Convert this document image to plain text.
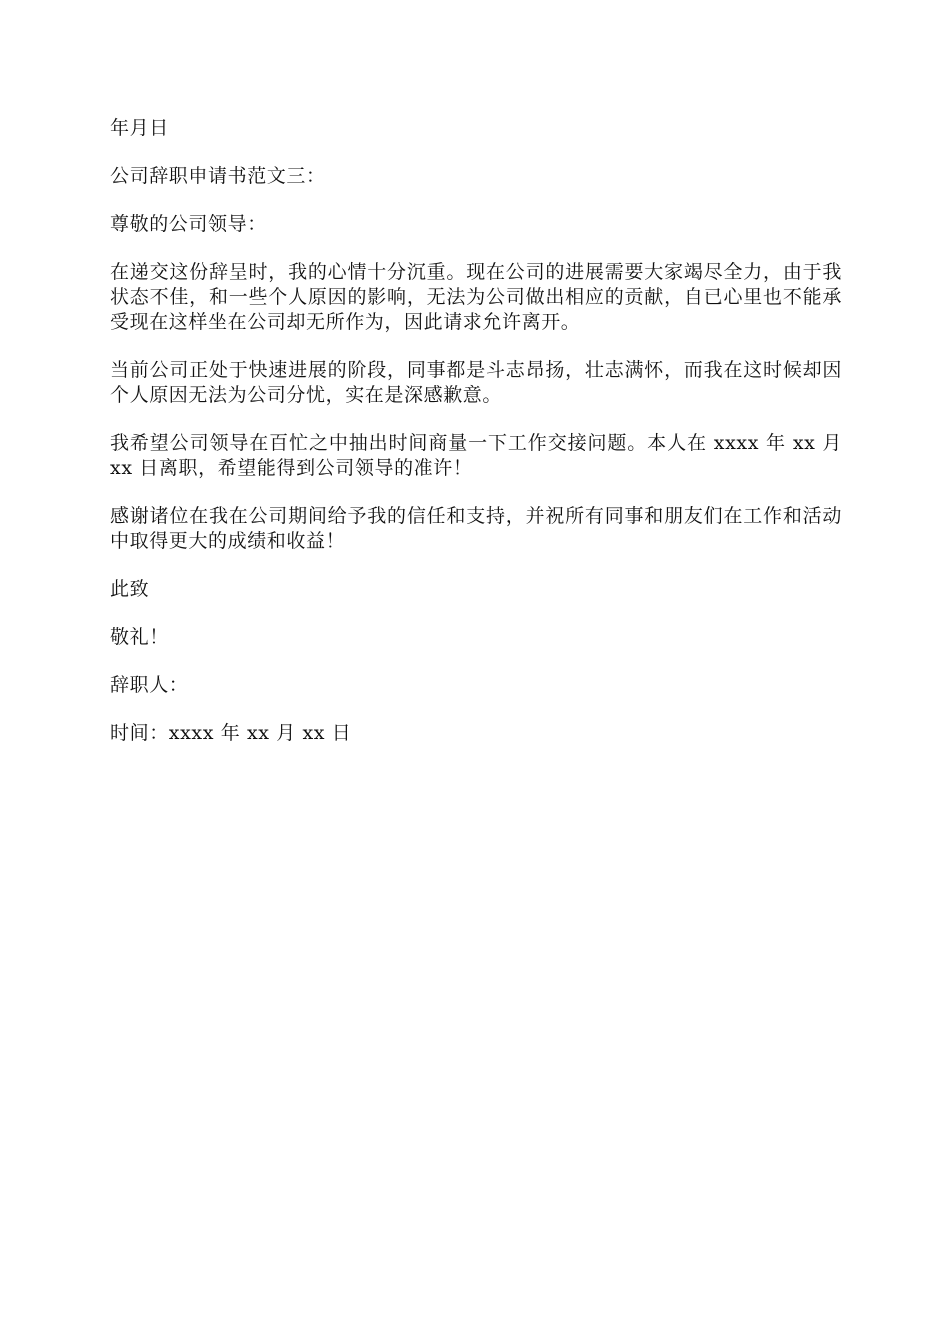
年月日

公司辞职申请书范文三：

尊敬的公司领导：

在递交这份辞呈时，我的心情十分沉重。现在公司的进展需要大家竭尽全力，由于我状态不佳，和一些个人原因的影响，无法为公司做出相应的贡献，自已心里也不能承受现在这样坐在公司却无所作为，因此请求允许离开。

当前公司正处于快速进展的阶段，同事都是斗志昂扬，壮志满怀，而我在这时候却因个人原因无法为公司分忧，实在是深感歉意。

我希望公司领导在百忙之中抽出时间商量一下工作交接问题。本人在 xxxx 年 xx 月 xx 日离职，希望能得到公司领导的准许！

感谢诸位在我在公司期间给予我的信任和支持，并祝所有同事和朋友们在工作和活动中取得更大的成绩和收益！

此致

敬礼！

辞职人：

时间：xxxx 年 xx 月 xx 日
